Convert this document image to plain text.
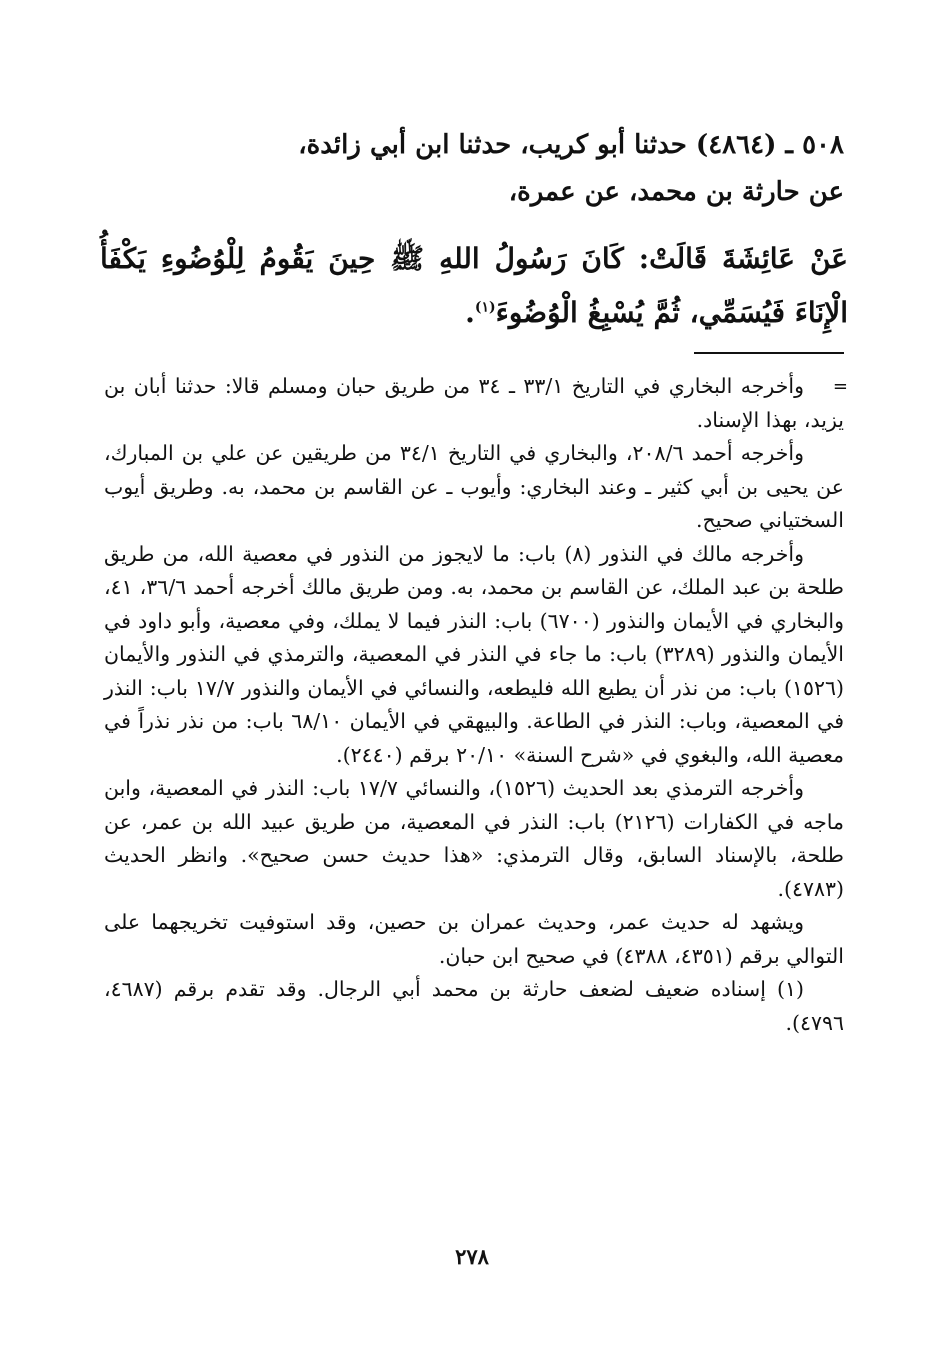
٥٠٨ ـ (٤٨٦٤) حدثنا أبو كريب، حدثنا ابن أبي زائدة،
عن حارثة بن محمد، عن عمرة،
عَنْ عَائِشَةَ قَالَتْ: كَانَ رَسُولُ اللهِ ﷺ حِينَ يَقُومُ لِلْوُضُوءِ يَكْفَأُ الْإِنَاءَ فَيُسَمِّي، ثُمَّ يُسْبِغُ الْوُضُوءَ$^{(١)}$.
=

وأخرجه البخاري في التاريخ ٣٣/١ ـ ٣٤ من طريق حبان ومسلم قالا: حدثنا أبان بن يزيد، بهذا الإسناد.

وأخرجه أحمد ٢٠٨/٦، والبخاري في التاريخ ٣٤/١ من طريقين عن علي بن المبارك، عن يحيى بن أبي كثير ـ وعند البخاري: وأيوب ـ عن القاسم بن محمد، به. وطريق أيوب السختياني صحيح.

وأخرجه مالك في النذور (٨) باب: ما لايجوز من النذور في معصية الله، من طريق طلحة بن عبد الملك، عن القاسم بن محمد، به. ومن طريق مالك أخرجه أحمد ٣٦/٦، ٤١، والبخاري في الأيمان والنذور (٦٧٠٠) باب: النذر فيما لا يملك، وفي معصية، وأبو داود في الأيمان والنذور (٣٢٨٩) باب: ما جاء في النذر في المعصية، والترمذي في النذور والأيمان (١٥٢٦) باب: من نذر أن يطيع الله فليطعه، والنسائي في الأيمان والنذور ١٧/٧ باب: النذر في المعصية، وباب: النذر في الطاعة. والبيهقي في الأيمان ٦٨/١٠ باب: من نذر نذراً في معصية الله، والبغوي في «شرح السنة» ٢٠/١٠ برقم (٢٤٤٠).

وأخرجه الترمذي بعد الحديث (١٥٢٦)، والنسائي ١٧/٧ باب: النذر في المعصية، وابن ماجه في الكفارات (٢١٢٦) باب: النذر في المعصية، من طريق عبيد الله بن عمر، عن طلحة، بالإسناد السابق، وقال الترمذي: «هذا حديث حسن صحيح». وانظر الحديث (٤٧٨٣).

ويشهد له حديث عمر، وحديث عمران بن حصين، وقد استوفيت تخريجهما على التوالي برقم (٤٣٥١، ٤٣٨٨) في صحيح ابن حبان.

(١) إسناده ضعيف لضعف حارثة بن محمد أبي الرجال. وقد تقدم برقم (٤٦٨٧، ٤٧٩٦).

٢٧٨
